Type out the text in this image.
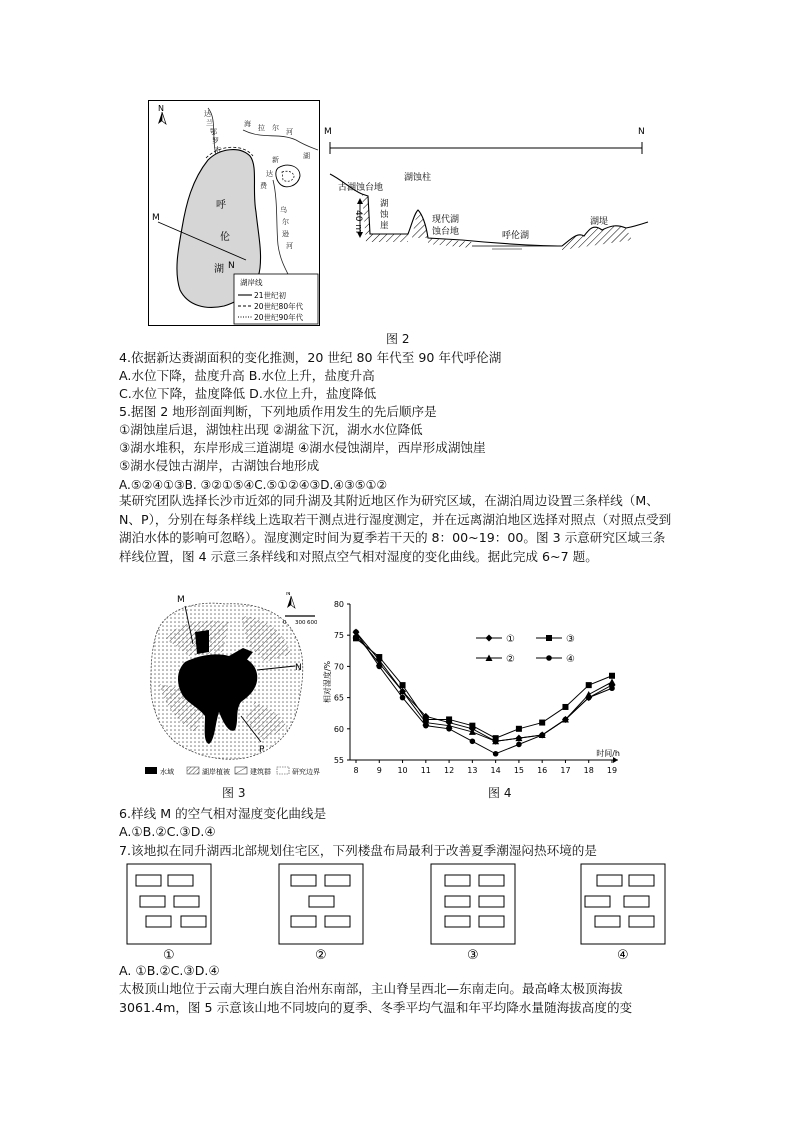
N
M
N
呼
伦
湖
达
兰
鄂
罗
木
海 拉 尔 河
乌
尔
逊
河
新
达
费
湖
湖岸线
21世纪初
20世纪80年代
20世纪90年代
M	N
40 m
古湖蚀台地
湖
蚀
崖
湖蚀柱
现代湖
蚀台地	呼伦湖
湖堤
图 2
4.依据新达赉湖面积的变化推测，20 世纪 80 年代至 90 年代呼伦湖
A.水位下降，盐度升高 B.水位上升，盐度升高
C.水位下降，盐度降低 D.水位上升，盐度降低
5.据图 2 地形剖面判断，下列地质作用发生的先后顺序是
①湖蚀崖后退，湖蚀柱出现 ②湖盆下沉，湖水水位降低
③湖水堆积，东岸形成三道湖堤 ④湖水侵蚀湖岸，西岸形成湖蚀崖
⑤湖水侵蚀古湖岸，古湖蚀台地形成
A.⑤②④①③B. ③②①⑤④C.⑤①②④③D.④③⑤①②
某研究团队选择长沙市近郊的同升湖及其附近地区作为研究区域，在湖泊周边设置三条样线（M、N、P），分别在每条样线上选取若干测点进行湿度测定，并在远离湖泊地区选择对照点（对照点受到湖泊水体的影响可忽略）。湿度测定时间为夏季若干天的 8：00~19：00。图 3 示意研究区域三条样线位置，图 4 示意三条样线和对照点空气相对湿度的变化曲线。据此完成 6~7 题。
M
N
P
N
0 300 600
水域	湖岸植被	建筑群	研究边界
图 3
55
60
65
70
75
80
8 9 10 11 12 13 14 15 16 17 18 19
相对湿度/%
时间/h
①	③
②	④
图 4
6.样线 M 的空气相对湿度变化曲线是
A.①B.②C.③D.④
7.该地拟在同升湖西北部规划住宅区，下列楼盘布局最利于改善夏季潮湿闷热环境的是
①	②	③	④
A. ①B.②C.③D.④
太极顶山地位于云南大理白族自治州东南部，主山脊呈西北—东南走向。最高峰太极顶海拔 3061.4m，图 5 示意该山地不同坡向的夏季、冬季平均气温和年平均降水量随海拔高度的变
